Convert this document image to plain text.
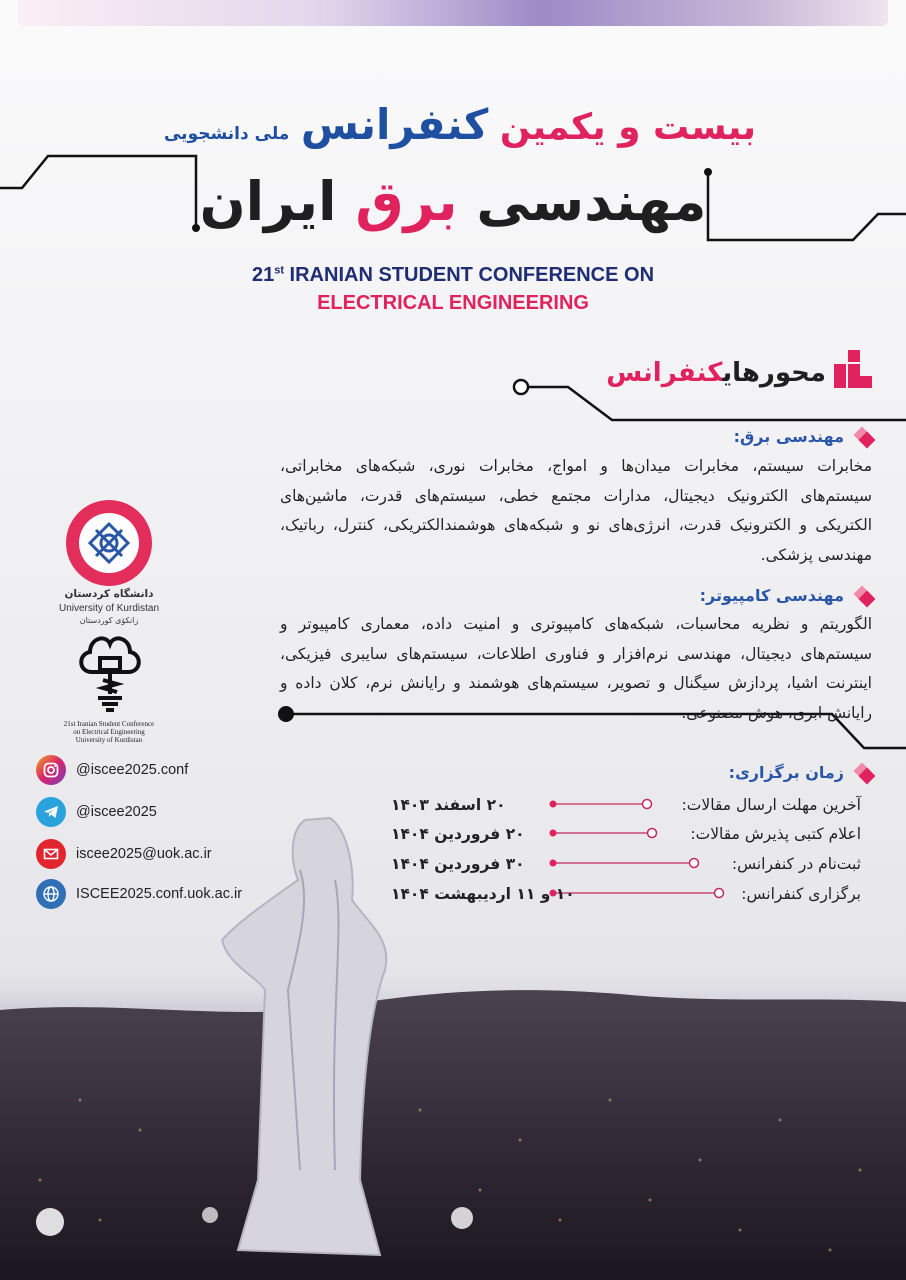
بیست و یکمین کنفرانس ملی دانشجویی
مهندسی برق ایران
21st IRANIAN STUDENT CONFERENCE ON
ELECTRICAL ENGINEERING
محورهایکنفرانس
مهندسی برق:
مخابرات سیستم، مخابرات میدان‌ها و امواج، مخابرات نوری، شبکه‌های مخابراتی، سیستم‌های الکترونیک دیجیتال، مدارات مجتمع خطی، سیستم‌های قدرت، ماشین‌های الکتریکی و الکترونیک قدرت، انرژی‌های نو و شبکه‌های هوشمندالکتریکی، کنترل، رباتیک، مهندسی پزشکی.
مهندسی کامپیوتر:
الگوریتم و نظریه محاسبات، شبکه‌های کامپیوتری و امنیت داده، معماری کامپیوتر و سیستم‌های دیجیتال، مهندسی نرم‌افزار و فناوری اطلاعات، سیستم‌های سایبری فیزیکی، اینترنت اشیا، پردازش سیگنال و تصویر، سیستم‌های هوشمند و رایانش نرم، کلان داده و رایانش ابری، هوش مصنوعی.
زمان برگزاری:
آخرین مهلت ارسال مقالات:
۲۰ اسفند ۱۴۰۳
اعلام کتبی پذیرش مقالات:
۲۰ فروردین ۱۴۰۴
ثبت‌نام در کنفرانس:
۳۰ فروردین ۱۴۰۴
برگزاری کنفرانس:
۱۰ و ۱۱ اردیبهشت ۱۴۰۴
دانشگاه کردستان
University of Kurdistan
زانکۆی کوردستان
21st Iranian Student Conference
on Electrical Engineering
University of Kurdistan
@iscee2025.conf
@iscee2025
iscee2025@uok.ac.ir
ISCEE2025.conf.uok.ac.ir
